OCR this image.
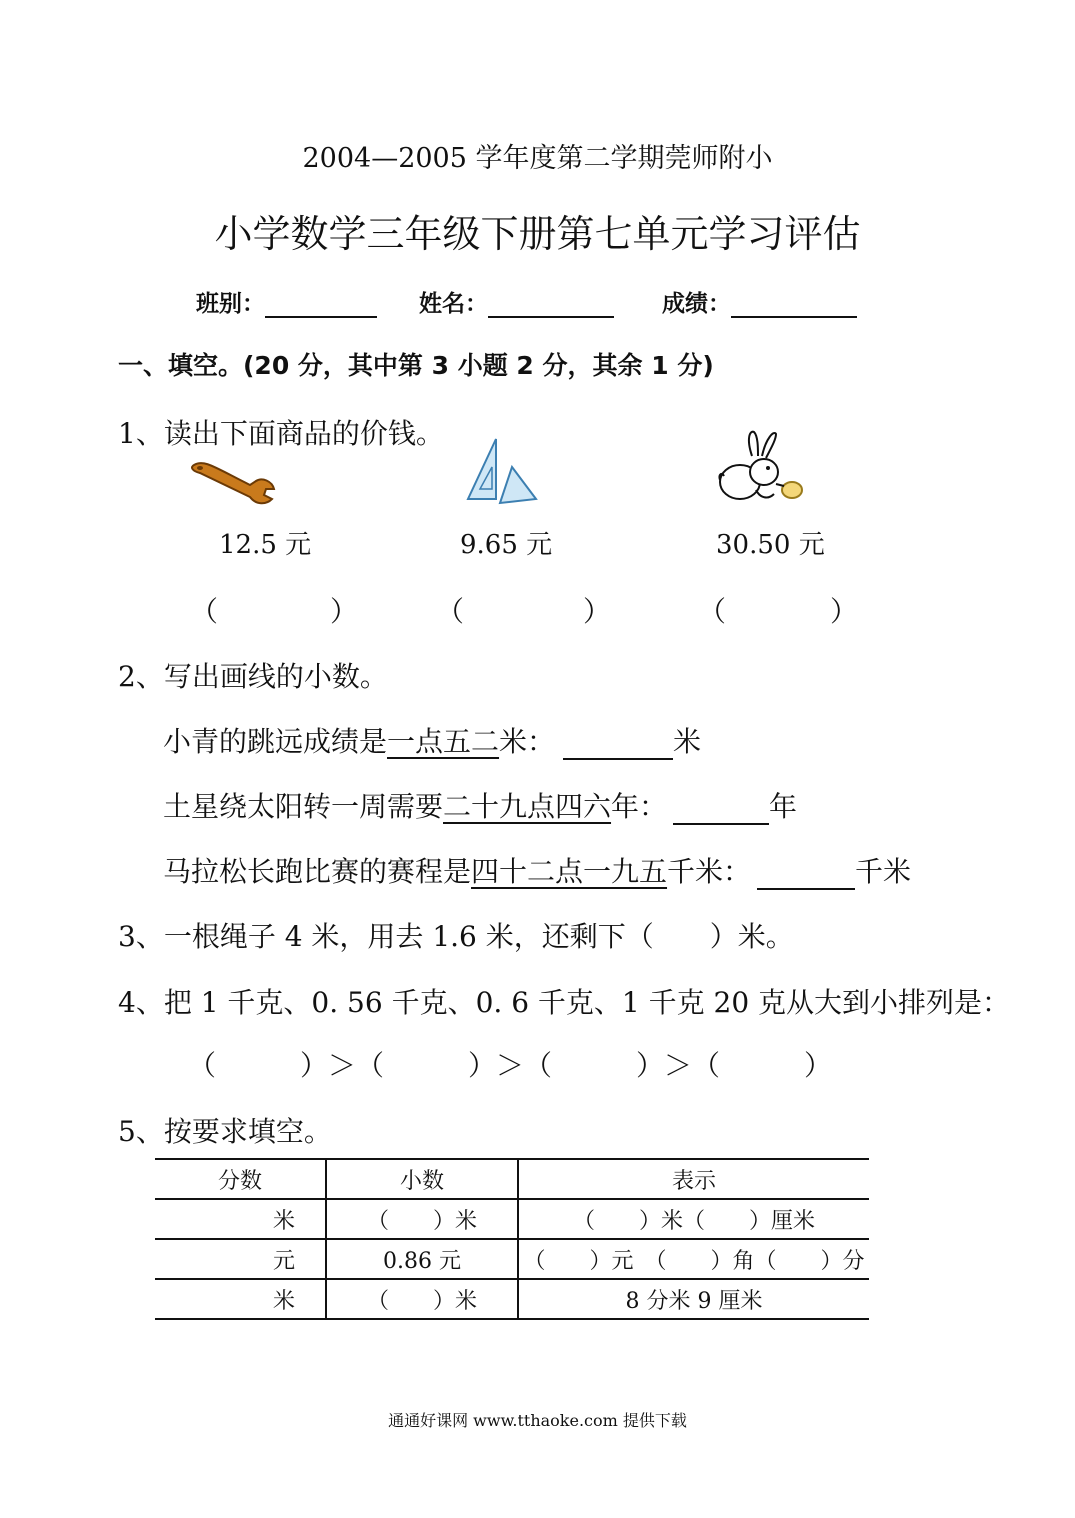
2004—2005 学年度第二学期莞师附小
小学数学三年级下册第七单元学习评估
班别：	姓名：	成绩：
一、填空。(20 分，其中第 3 小题 2 分，其余 1 分)
1、读出下面商品的价钱。
12.5 元	9.65 元	30.50 元
（	）	（	）	（	）
2、写出画线的小数。
小青的跳远成绩是一点五二米：	米
土星绕太阳转一周需要二十九点四六年：	年
马拉松长跑比赛的赛程是四十二点一九五千米：	千米
3、一根绳子 4 米，用去 1.6 米，还剩下（　　）米。
4、把 1 千克、0. 56 千克、0. 6 千克、1 千克 20 克从大到小排列是：
（　　　）＞（　　　）＞（　　　）＞（　　　）
5、按要求填空。
分数	小数	表示
米	（　　）米	（　　）米（　　）厘米
元	0.86 元	（　　）元　（　　）角（　　）分
米	（　　）米	8 分米 9 厘米
通通好课网 www.tthaoke.com 提供下载
